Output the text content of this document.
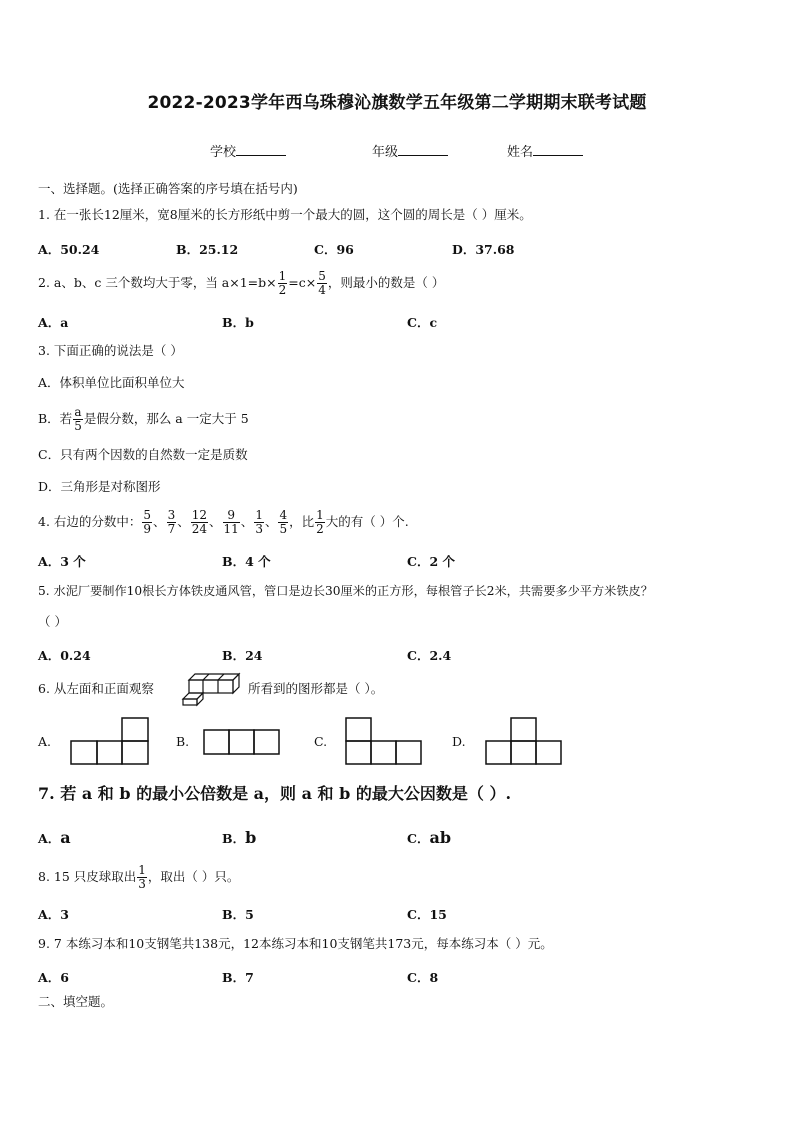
2022-2023学年西乌珠穆沁旗数学五年级第二学期期末联考试题
学校	年级	姓名
一、选择题。(选择正确答案的序号填在括号内)
1. 在一张长12厘米，宽8厘米的长方形纸中剪一个最大的圆，这个圆的周长是（ ）厘米。
A．50.24	B．25.12	C．96	D．37.68
2. a、b、c 三个数均大于零，当 $a\times 1=b\times \frac{1}{2} =c\times \frac{5}{4}$ ，则最小的数是（ ）
A．a	B．b	C．c
3. 下面正确的说法是（ ）
A．体积单位比面积单位大
B．若 $\frac{a}{5}$ 是假分数，那么 a 一定大于 5
C．只有两个因数的自然数一定是质数
D．三角形是对称图形
4. 右边的分数中： $\frac{5}{9}$ 、 $\frac{3}{7}$ 、 $\frac{12}{24}$ 、 $\frac{9}{11}$ 、 $\frac{1}{3}$ 、 $\frac{4}{5}$ ，比 $\frac{1}{2}$ 大的有（ ）个.
A．3 个	B．4 个	C．2 个
5. 水泥厂要制作10根长方体铁皮通风管，管口是边长30厘米的正方形，每根管子长2米，共需要多少平方米铁皮？
（ ）
A．0.24	B．24	C．2.4
6. 从左面和正面观察	所看到的图形都是（ ）。
A.	B.	C.	D.
7. 若 a 和 b 的最小公倍数是 a，则 a 和 b 的最大公因数是（ ）.
A．a	B．b	C．ab
8. 15 只皮球取出 $\frac{1}{3}$ ，取出（ ）只。
A．3	B．5	C．15
9. 7 本练习本和10支钢笔共138元，12本练习本和10支钢笔共173元，每本练习本（ ）元。
A．6	B．7	C．8
二、填空题。
